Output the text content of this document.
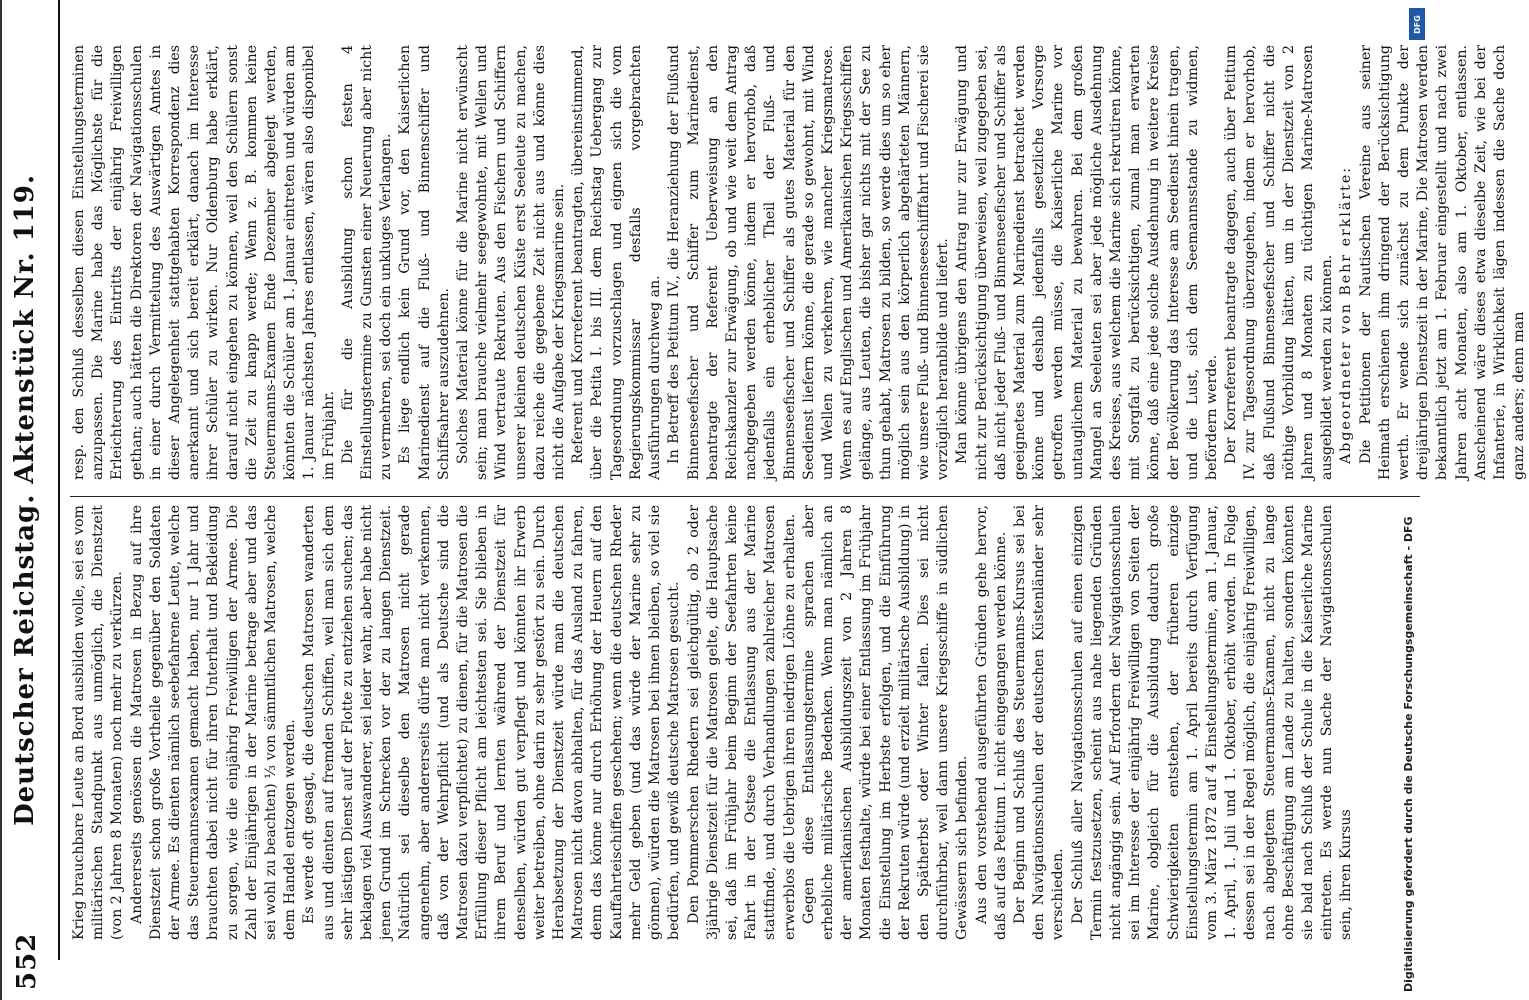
552
Deutscher Reichstag. Aktenstück Nr. 119. Krieg brauchbare Leute an Bord ausbilden wolle, sei es vom militärischen Standpunkt aus unmöglich, die Dienstzeit (von 2 Jahren 8 Monaten) noch mehr zu verkürzen. Andererseits genössen die Matrosen in Bezug auf ihre Dienstzeit schon große Vortheile gegenüber den Soldaten der Armee. Es dienten nämlich seebefahrene Leute, welche das Steuermannsexamen gemacht haben, nur 1 Jahr und brauchten dabei nicht für ihren Unterhalt und Bekleidung zu sorgen, wie die einjährig Freiwilligen der Armee. Die Zahl der Einjährigen in der Marine betrage aber und das sei wohl zu beachten) ⅓ von sämmtlichen Matrosen, welche dem Handel entzogen werden. Es werde oft gesagt, die deutschen Matrosen wanderten aus und dienten auf fremden Schiffen, weil man sich dem sehr lästigen Dienst auf der Flotte zu entziehen suchen; das beklagen viel Auswanderer, sei leider wahr, aber habe nicht jenen Grund im Schrecken vor der zu langen Dienstzeit. Natürlich sei dieselbe den Matrosen nicht gerade angenehm, aber andererseits dürfe man nicht verkennen, daß von der Wehrpflicht (und als Deutsche sind die Matrosen dazu verpflichtet) zu dienen, für die Matrosen die Erfüllung dieser Pflicht am leichtesten sei. Sie blieben in ihrem Beruf und lernten während der Dienstzeit für denselben, würden gut verpflegt und könnten ihr Erwerb weiter betreiben, ohne darin zu sehr gestört zu sein. Durch Herabsetzung der Dienstzeit würde man die deutschen Matrosen nicht davon abhalten, für das Ausland zu fahren, denn das könne nur durch Erhöhung der Heuern auf den Kauffahrteischiffen geschehen; wenn die deutschen Rheder mehr Geld geben (und das würde der Marine sehr zu gönnen), würden die Matrosen bei ihnen bleiben, so viel sie bedürfen, und gewiß deutsche Matrosen gesucht. Den Pommerschen Rhedern sei gleichgültig, ob 2 oder 3jährige Dienstzeit für die Matrosen gelte, die Hauptsache sei, daß im Frühjahr beim Beginn der Seefahrten keine Fahrt in der Ostsee die Entlassung aus der Marine stattfinde, und durch Verhandlungen zahlreicher Matrosen erwerblos die Uebrigen ihren niedrigen Löhne zu erhalten. Gegen diese Entlassungstermine sprachen aber erhebliche militärische Bedenken. Wenn man nämlich an der amerikanischen Ausbildungszeit von 2 Jahren 8 Monaten festhalte, würde bei einer Entlassung im Frühjahr die Einstellung im Herbste erfolgen, und die Einführung der Rekruten würde (und erzielt militärische Ausbildung) in den Spätherbst oder Winter fallen. Dies sei nicht durchführbar, weil dann unsere Kriegsschiffe in südlichen Gewässern sich befinden. Aus den vorstehend ausgeführten Gründen gehe hervor, daß auf das Petitum I. nicht eingegangen werden könne. Der Beginn und Schluß des Steuermanns-Kursus sei bei den Navigationsschulen der deutschen Küstenländer sehr verschieden. Der Schluß aller Navigationsschulen auf einen einzigen Termin festzusetzen, scheint aus nahe liegenden Gründen nicht angängig sein. Auf Erfordern der Navigationsschulen sei im Interesse der einjährig Freiwilligen von Seiten der Marine, obgleich für die Ausbildung dadurch große Schwierigkeiten entstehen, der früheren einzige Einstellungstermin am 1. April bereits durch Verfügung vom 3. März 1872 auf 4 Einstellungstermine, am 1. Januar, 1. April, 1. Juli und 1. Oktober, erhöht worden. In Folge dessen sei in der Regel möglich, die einjährig Freiwilligen, nach abgelegtem Steuermanns-Examen, nicht zu lange ohne Beschäftigung am Lande zu halten, sondern könnten sie bald nach Schluß der Schule in die Kaiserliche Marine eintreten. Es werde nun Sache der Navigationsschulen sein, ihren Kursus

resp. den Schluß desselben diesen Einstellungsterminen anzupassen. Die Marine habe das Möglichste für die Erleichterung des Eintritts der einjährig Freiwilligen gethan; auch hätten die Direktoren der Navigationsschulen in einer durch Vermittelung des Auswärtigen Amtes in dieser Angelegenheit stattgehabten Korrespondenz dies anerkannt und sich bereit erklärt, danach im Interesse ihrer Schüler zu wirken. Nur Oldenburg habe erklärt, darauf nicht eingehen zu können, weil den Schülern sonst die Zeit zu knapp werde; Wenn z. B. kommen keine Steuermanns-Examen Ende Dezember abgelegt werden, könnten die Schüler am 1. Januar eintreten und würden am 1. Januar nächsten Jahres entlassen, wären also disponibel im Frühjahr. Die für die Ausbildung schon festen 4 Einstellungstermine zu Gunsten einer Neuerung aber nicht zu vermehren, sei doch ein unkluges Verlangen. Es liege endlich kein Grund vor, den Kaiserlichen Marinedienst auf die Fluß- und Binnenschiffer und Schiffsahrer auszudehnen. Solches Material könne für die Marine nicht erwünscht sein; man brauche vielmehr seegewohnte, mit Wellen und Wind vertraute Rekruten. Aus den Fischern und Schiffern unserer kleinen deutschen Küste erst Seeleute zu machen, dazu reiche die gegebene Zeit nicht aus und könne dies nicht die Aufgabe der Kriegsmarine sein. Referent und Korreferent beantragten, übereinstimmend, über die Petita I. bis III. dem Reichstag Uebergang zur Tagesordnung vorzuschlagen und eignen sich die vom Regierungskommissar desfalls vorgebrachten Ausführungen durchweg an. In Betreff des Petitum IV., die Heranziehung der Flußund Binnenseefischer und Schiffer zum Marinedienst, beantragte der Referent Ueberweisung an den Reichskanzler zur Erwägung, ob und wie weit dem Antrag nachgegeben werden könne, indem er hervorhob, daß jedenfalls ein erheblicher Theil der Fluß- und Binnenseefischer und Schiffer als gutes Material für den Seedienst liefern könne, die gerade so gewohnt, mit Wind und Wellen zu verkehren, wie mancher Kriegsmatrose. Wenn es auf Englischen und Amerikanischen Kriegsschiffen gelänge, aus Leuten, die bisher gar nichts mit der See zu thun gehabt, Matrosen zu bilden, so werde dies um so eher möglich sein aus den körperlich abgehärteten Männern, wie unsere Fluß- und Binnenseeschifffahrt und Fischerei sie vorzüglich heranbilde und liefert. Man könne übrigens den Antrag nur zur Erwägung und nicht zur Berücksichtigung überweisen, weil zugegeben sei, daß nicht jeder Fluß- und Binnenseefischer und Schiffer als geeignetes Material zum Marinedienst betrachtet werden könne und deshalb jedenfalls gesetzliche Vorsorge getroffen werden müsse, die Kaiserliche Marine vor untauglichem Material zu bewahren. Bei dem großen Mangel an Seeleuten sei aber jede mögliche Ausdehnung des Kreises, aus welchem die Marine sich rekrutiren könne, mit Sorgfalt zu berücksichtigen, zumal man erwarten könne, daß eine jede solche Ausdehnung in weitere Kreise der Bevölkerung das Interesse am Seedienst hinein tragen, und die Lust, sich dem Seemannsstande zu widmen, befördern werde. Der Korreferent beantragte dagegen, auch über Petitum IV. zur Tagesordnung überzugehen, indem er hervorhob, daß Flußund Binnenseefischer und Schiffer nicht die nöthige Vorbildung hätten, um in der Dienstzeit von 2 Jahren und 8 Monaten zu tüchtigen Marine-Matrosen ausgebildet werden zu können. Abgeordneter von Behr erklärte: Die Petitionen der Nautischen Vereine aus seiner Heimath erschienen ihm dringend der Berücksichtigung werth. Er wende sich zunächst zu dem Punkte der dreijährigen Dienstzeit in der Marine, Die Matrosen werden bekanntlich jetzt am 1. Februar eingestellt und nach zwei Jahren acht Monaten, also am 1. Oktober, entlassen. Anscheinend wäre dieses etwa dieselbe Zeit, wie bei der Infanterie, in Wirklichkeit lägen indessen die Sache doch ganz anders; denn man

DFG
Digitalisierung gefördert durch die Deutsche Forschungsgemeinschaft - DFG
